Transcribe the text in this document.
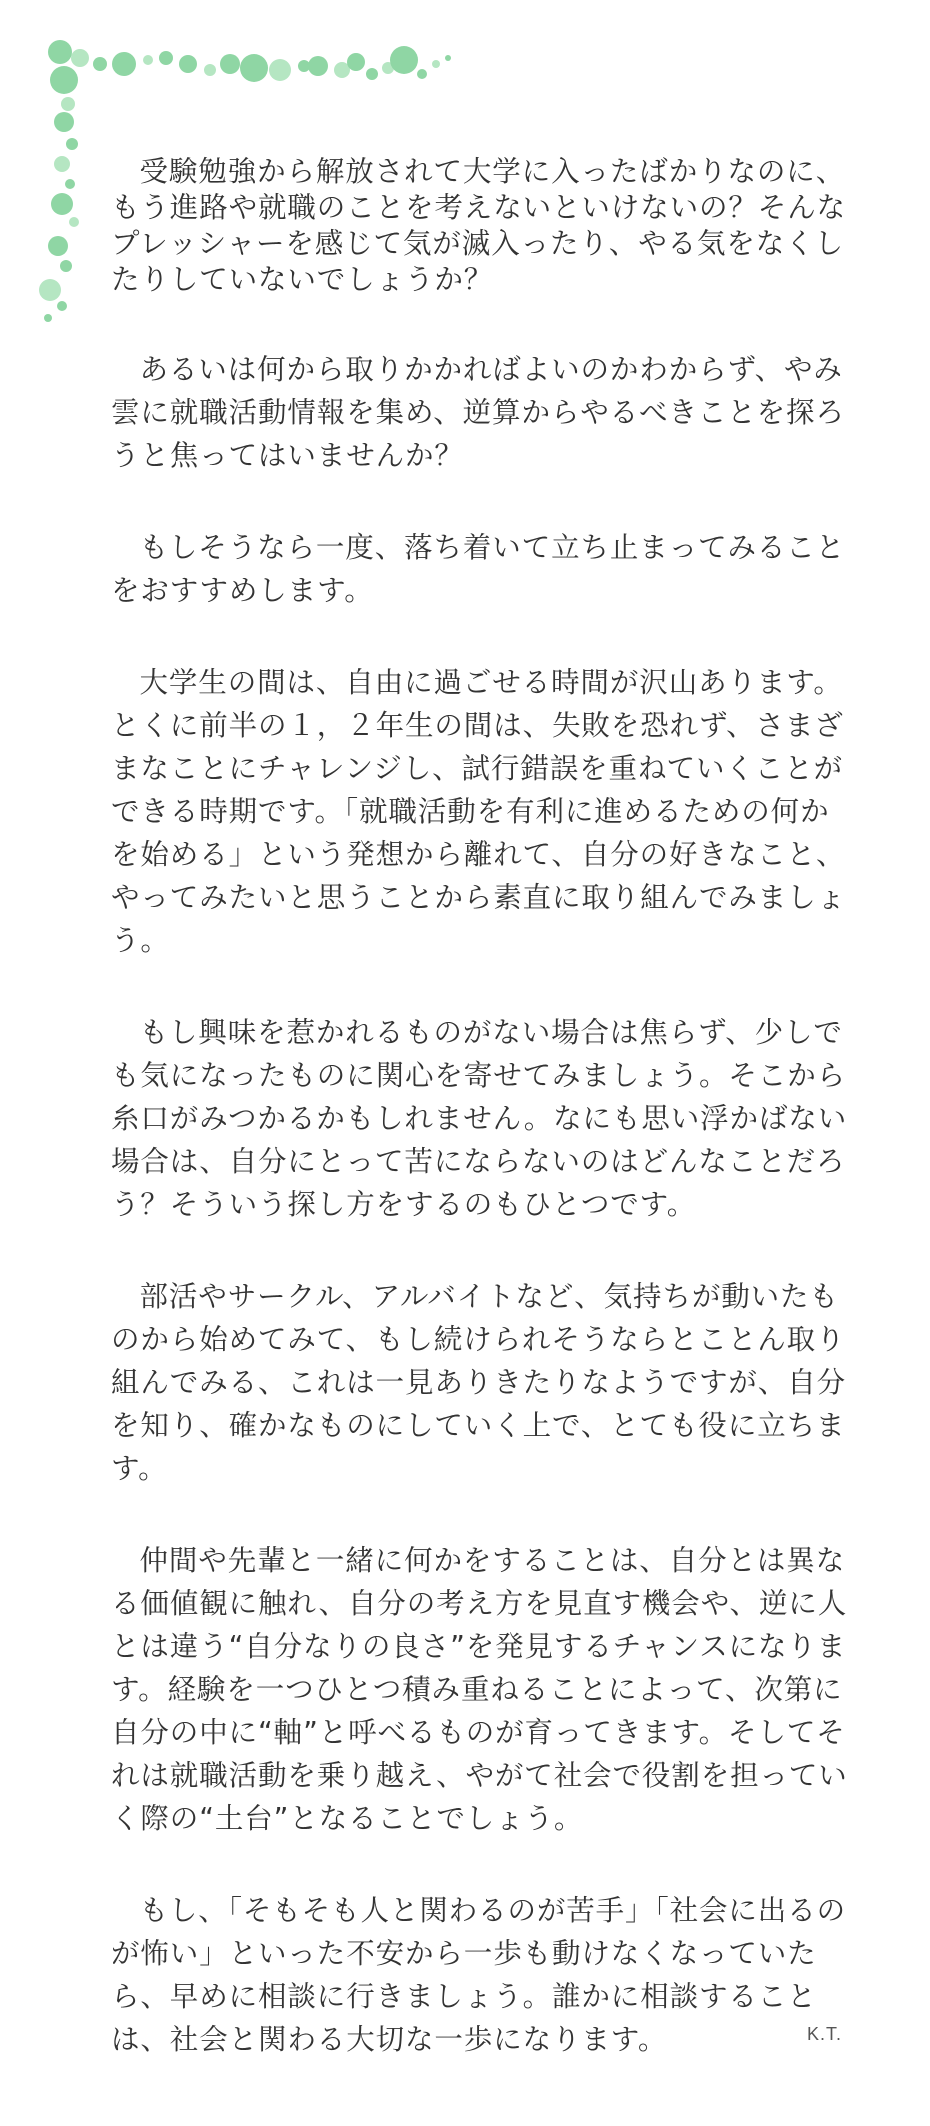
受験勉強から解放されて大学に入ったばかりなのに、もう進路や就職のことを考えないといけないの？そんなプレッシャーを感じて気が滅入ったり、やる気をなくしたりしていないでしょうか？

あるいは何から取りかかればよいのかわからず、やみ雲に就職活動情報を集め、逆算からやるべきことを探ろうと焦ってはいませんか？

もしそうなら一度、落ち着いて立ち止まってみることをおすすめします。

大学生の間は、自由に過ごせる時間が沢山あります。とくに前半の１，２年生の間は、失敗を恐れず、さまざまなことにチャレンジし、試行錯誤を重ねていくことができる時期です。「就職活動を有利に進めるための何かを始める」という発想から離れて、自分の好きなこと、やってみたいと思うことから素直に取り組んでみましょう。

もし興味を惹かれるものがない場合は焦らず、少しでも気になったものに関心を寄せてみましょう。そこから糸口がみつかるかもしれません。なにも思い浮かばない場合は、自分にとって苦にならないのはどんなことだろう？そういう探し方をするのもひとつです。

部活やサークル、アルバイトなど、気持ちが動いたものから始めてみて、もし続けられそうならとことん取り組んでみる、これは一見ありきたりなようですが、自分を知り、確かなものにしていく上で、とても役に立ちます。

仲間や先輩と一緒に何かをすることは、自分とは異なる価値観に触れ、自分の考え方を見直す機会や、逆に人とは違う“自分なりの良さ”を発見するチャンスになります。経験を一つひとつ積み重ねることによって、次第に自分の中に“軸”と呼べるものが育ってきます。そしてそれは就職活動を乗り越え、やがて社会で役割を担っていく際の“土台”となることでしょう。

もし、「そもそも人と関わるのが苦手」「社会に出るのが怖い」といった不安から一歩も動けなくなっていたら、早めに相談に行きましょう。誰かに相談することは、社会と関わる大切な一歩になります。	K.T.
